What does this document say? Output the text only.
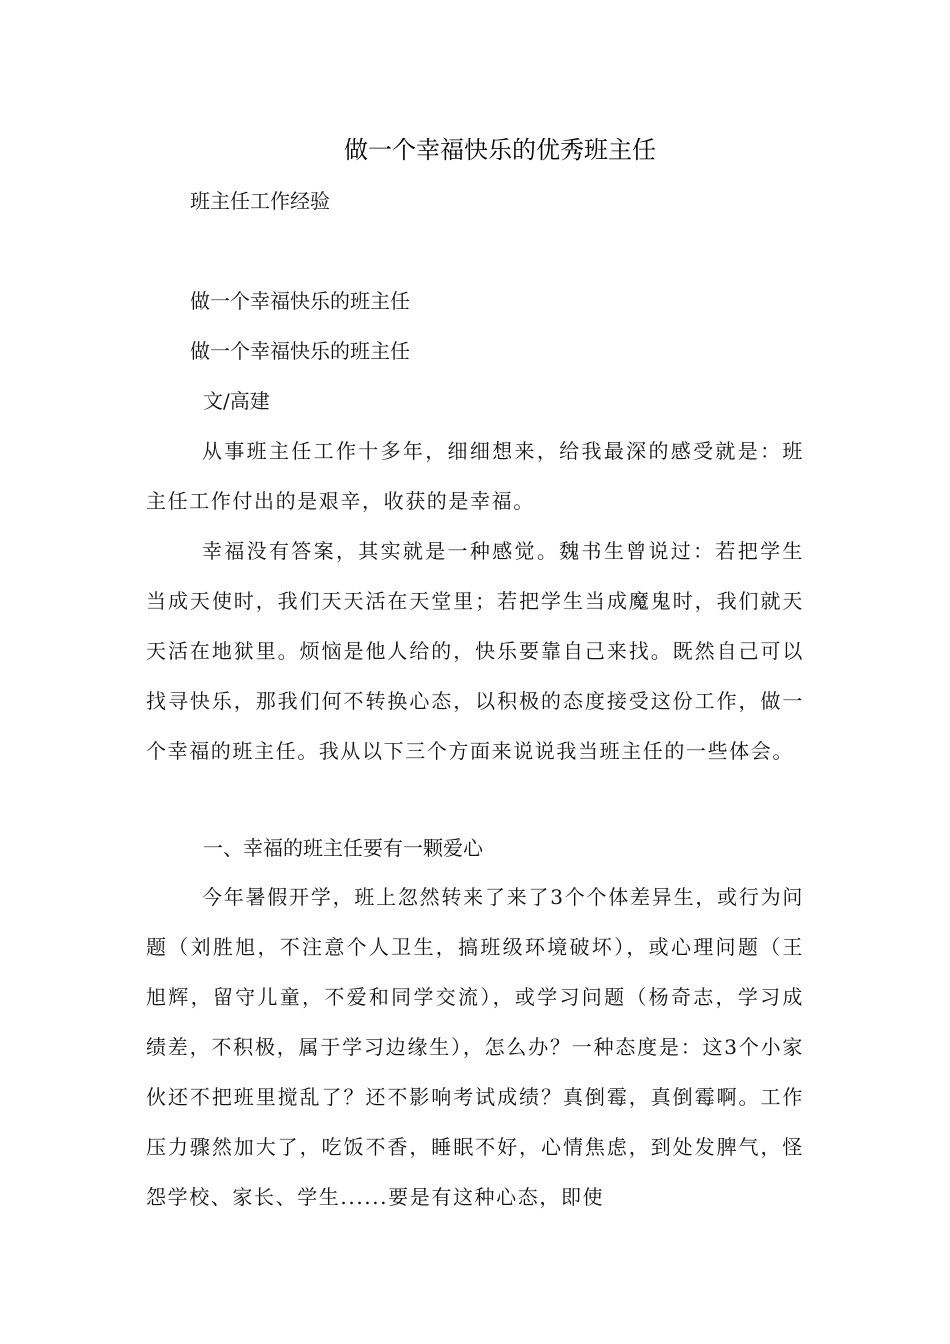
做一个幸福快乐的优秀班主任

班主任工作经验

做一个幸福快乐的班主任

做一个幸福快乐的班主任

文/高建

从事班主任工作十多年，细细想来，给我最深的感受就是：班主任工作付出的是艰辛，收获的是幸福。

幸福没有答案，其实就是一种感觉。魏书生曾说过：若把学生当成天使时，我们天天活在天堂里；若把学生当成魔鬼时，我们就天天活在地狱里。烦恼是他人给的，快乐要靠自己来找。既然自己可以找寻快乐，那我们何不转换心态，以积极的态度接受这份工作，做一个幸福的班主任。我从以下三个方面来说说我当班主任的一些体会。

一、幸福的班主任要有一颗爱心

今年暑假开学，班上忽然转来了来了3个个体差异生，或行为问题（刘胜旭，不注意个人卫生，搞班级环境破坏），或心理问题（王旭辉，留守儿童，不爱和同学交流），或学习问题（杨奇志，学习成绩差，不积极，属于学习边缘生），怎么办？一种态度是：这3个小家伙还不把班里搅乱了？还不影响考试成绩？真倒霉，真倒霉啊。工作压力骤然加大了，吃饭不香，睡眠不好，心情焦虑，到处发脾气，怪怨学校、家长、学生......要是有这种心态，即使
